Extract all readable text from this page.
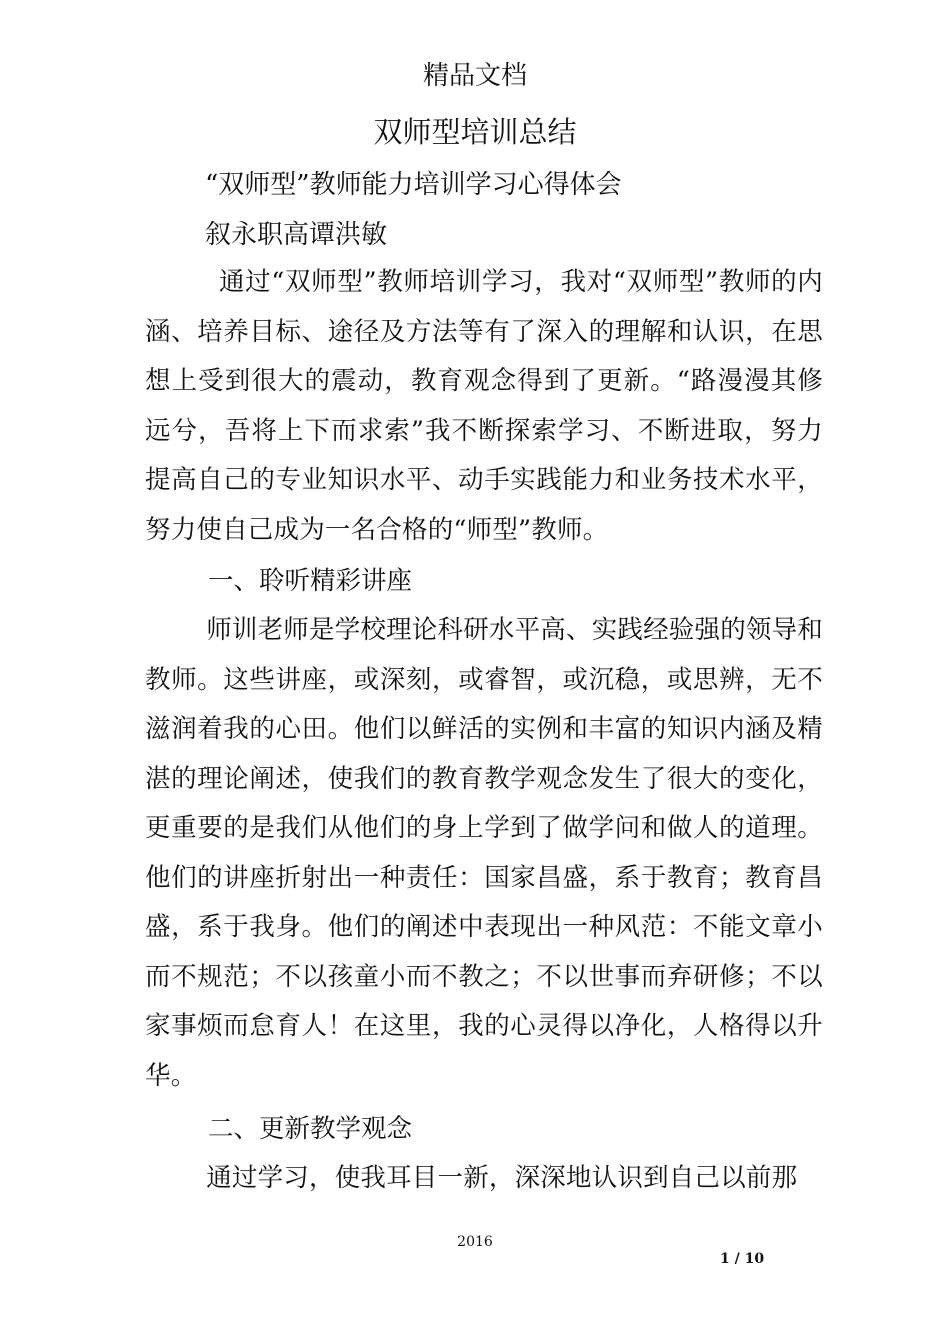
精品文档
双师型培训总结
“双师型”教师能力培训学习心得体会
叙永职高谭洪敏
通过“双师型”教师培训学习，我对“双师型”教师的内涵、培养目标、途径及方法等有了深入的理解和认识，在思想上受到很大的震动，教育观念得到了更新。“路漫漫其修远兮，吾将上下而求索”我不断探索学习、不断进取，努力提高自己的专业知识水平、动手实践能力和业务技术水平，努力使自己成为一名合格的“师型”教师。
一、聆听精彩讲座
师训老师是学校理论科研水平高、实践经验强的领导和教师。这些讲座，或深刻，或睿智，或沉稳，或思辨，无不滋润着我的心田。他们以鲜活的实例和丰富的知识内涵及精湛的理论阐述，使我们的教育教学观念发生了很大的变化，更重要的是我们从他们的身上学到了做学问和做人的道理。他们的讲座折射出一种责任：国家昌盛，系于教育；教育昌盛，系于我身。他们的阐述中表现出一种风范：不能文章小而不规范；不以孩童小而不教之；不以世事而弃研修；不以家事烦而怠育人！在这里，我的心灵得以净化，人格得以升华。
二、更新教学观念
通过学习，使我耳目一新，深深地认识到自己以前那
2016
1 / 10
